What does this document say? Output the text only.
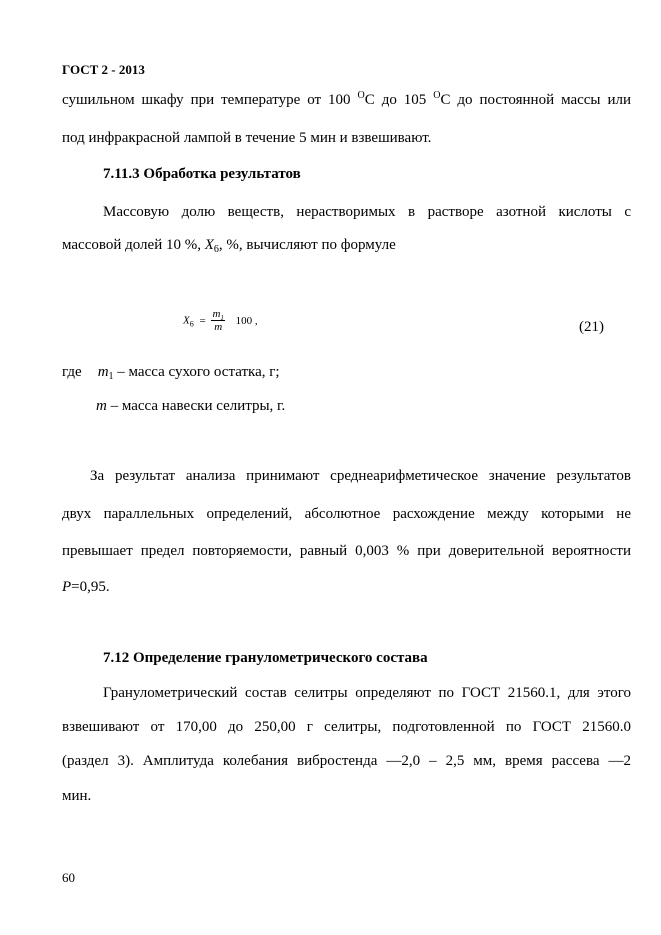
ГОСТ 2 - 2013
сушильном шкафу при температуре от 100 $^O$С до 105 $^O$С до постоянной массы или
под инфракрасной лампой в течение 5 мин и взвешивают.
7.11.3 Обработка результатов
Массовую долю веществ, нерастворимых в растворе азотной кислоты с
массовой долей 10 %, $X_6$, %, вычисляют по формуле
$X_6 = \frac{m_1}{m} 100$ ,	(21)
где $m_1$ – масса сухого остатка, г;
m – масса навески селитры, г.
За результат анализа принимают среднеарифметическое значение результатов
двух параллельных определений, абсолютное расхождение между которыми не
превышает предел повторяемости, равный 0,003 % при доверительной вероятности
P=0,95.
7.12 Определение гранулометрического состава
Гранулометрический состав селитры определяют по ГОСТ 21560.1, для этого
взвешивают от 170,00 до 250,00 г селитры, подготовленной по ГОСТ 21560.0
(раздел 3). Амплитуда колебания вибростенда —2,0 – 2,5 мм, время рассева —2
мин.
60
